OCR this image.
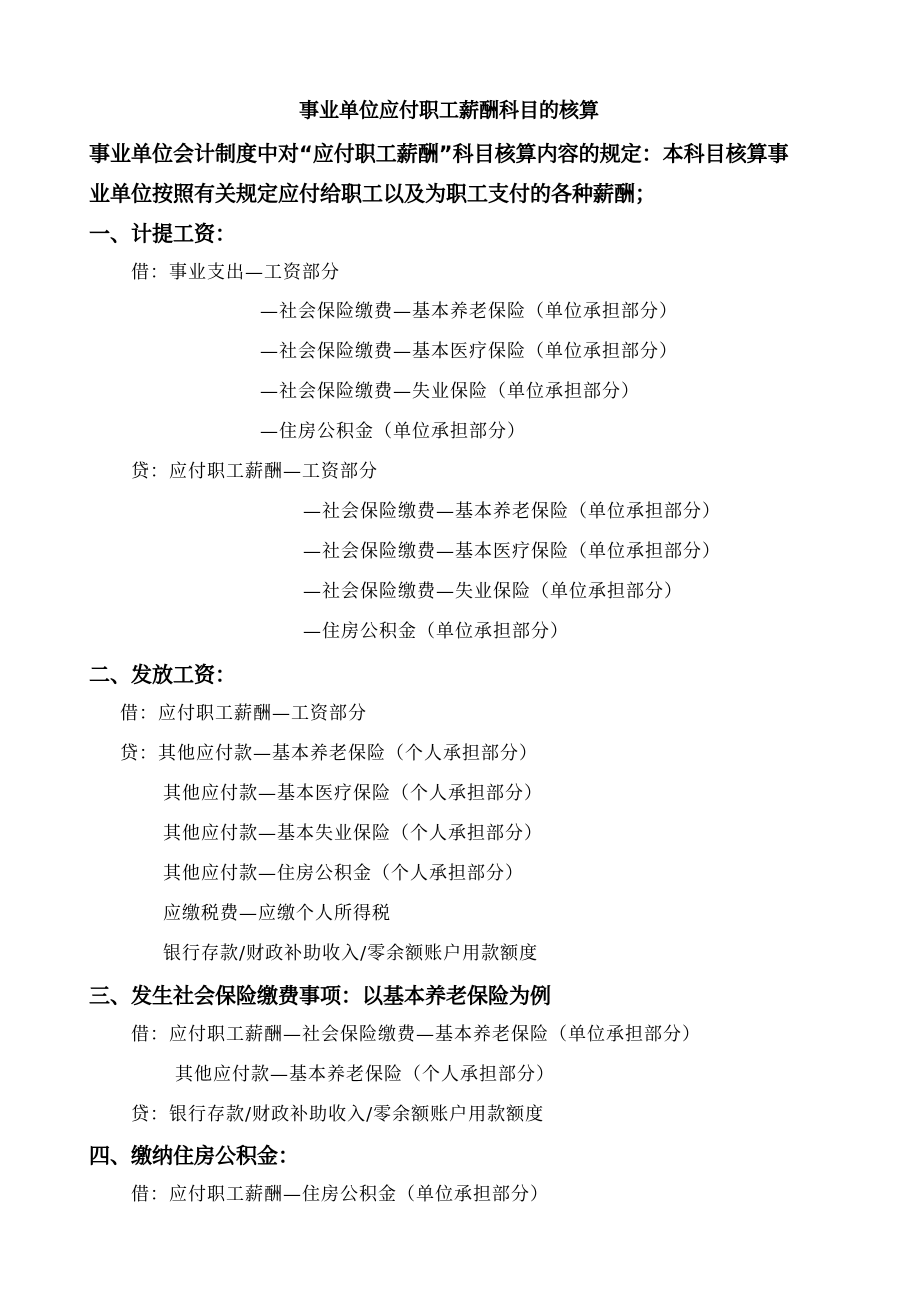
事业单位应付职工薪酬科目的核算
事业单位会计制度中对“应付职工薪酬”科目核算内容的规定：本科目核算事
业单位按照有关规定应付给职工以及为职工支付的各种薪酬；
一、计提工资：
借：事业支出—工资部分
—社会保险缴费—基本养老保险（单位承担部分）
—社会保险缴费—基本医疗保险（单位承担部分）
—社会保险缴费—失业保险（单位承担部分）
—住房公积金（单位承担部分）
贷：应付职工薪酬—工资部分
—社会保险缴费—基本养老保险（单位承担部分）
—社会保险缴费—基本医疗保险（单位承担部分）
—社会保险缴费—失业保险（单位承担部分）
—住房公积金（单位承担部分）
二、发放工资：
借：应付职工薪酬—工资部分
贷：其他应付款—基本养老保险（个人承担部分）
其他应付款—基本医疗保险（个人承担部分）
其他应付款—基本失业保险（个人承担部分）
其他应付款—住房公积金（个人承担部分）
应缴税费—应缴个人所得税
银行存款/财政补助收入/零余额账户用款额度
三、发生社会保险缴费事项：以基本养老保险为例
借：应付职工薪酬—社会保险缴费—基本养老保险（单位承担部分）
其他应付款—基本养老保险（个人承担部分）
贷：银行存款/财政补助收入/零余额账户用款额度
四、缴纳住房公积金：
借：应付职工薪酬—住房公积金（单位承担部分）
